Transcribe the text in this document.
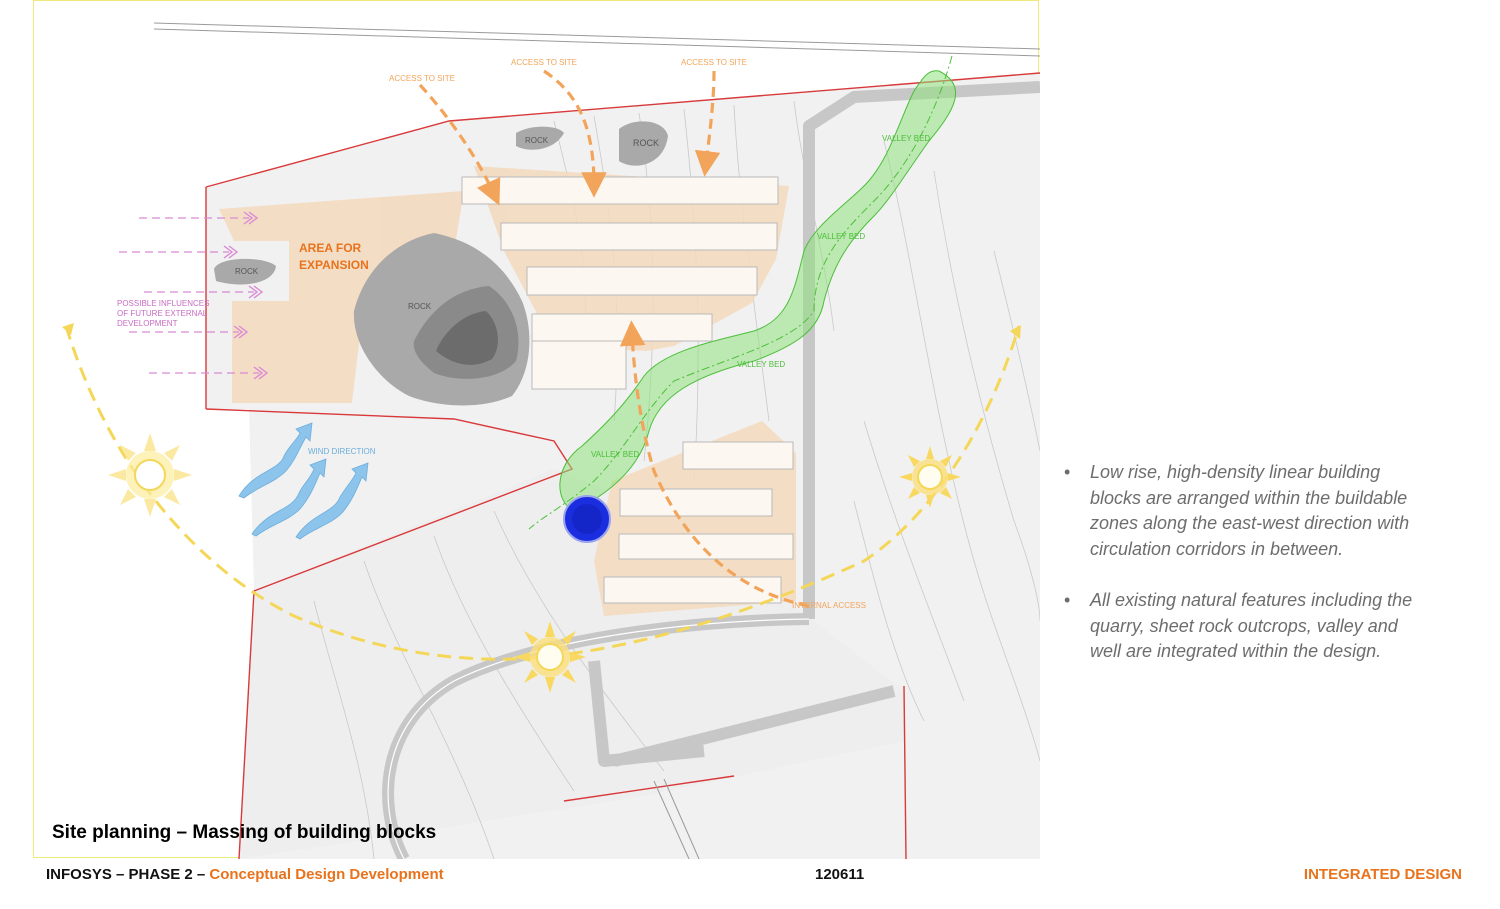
ACCESS TO SITE
ACCESS TO SITE	ACCESS TO SITE
ROCK	ROCK
ROCK
ROCK
AREA FOR
EXPANSION
POSSIBLE INFLUENCES
OF FUTURE EXTERNAL
DEVELOPMENT
WIND DIRECTION
VALLEY BED
VALLEY BED
VALLEY BED
VALLEY BED
INTERNAL ACCESS
Site planning – Massing of building blocks
• Low rise, high-density linear building blocks are arranged within the buildable zones along the east-west direction with circulation corridors in between.
• All existing natural features including the quarry, sheet rock outcrops, valley and well are integrated within the design.
INFOSYS – PHASE 2 – Conceptual Design Development	120611	INTEGRATED DESIGN
